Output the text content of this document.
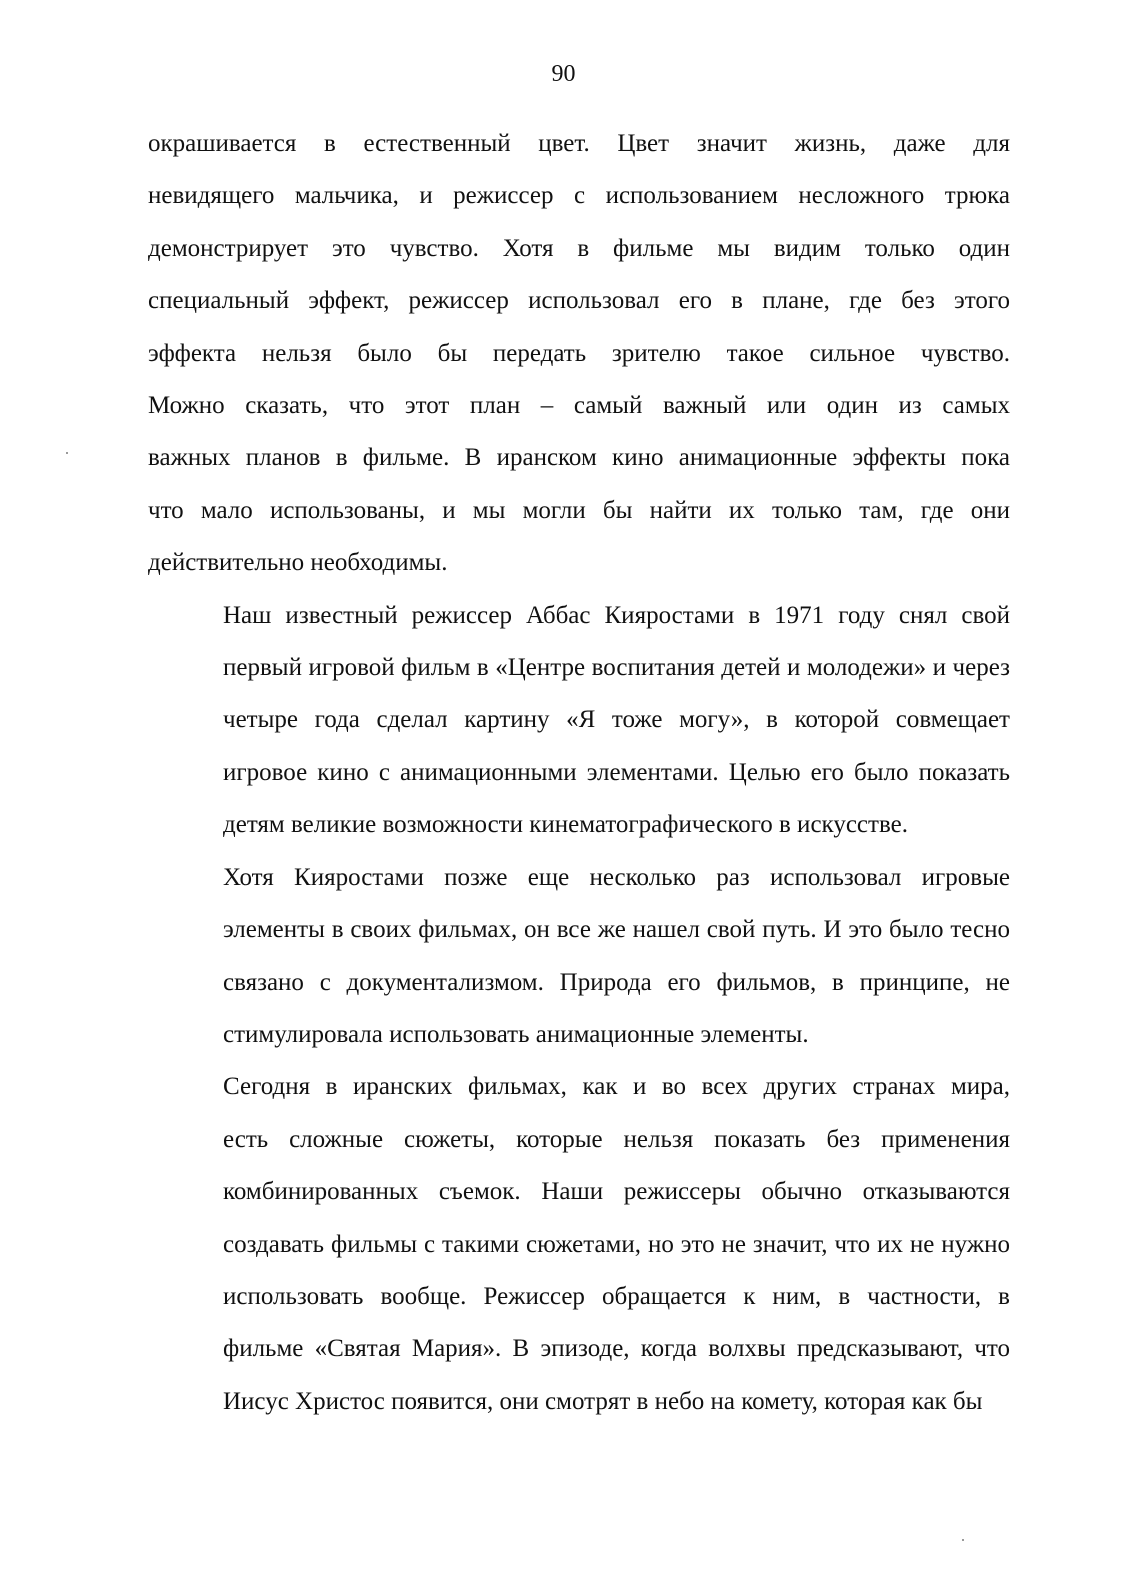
90
окрашивается в естественный цвет. Цвет значит жизнь, даже для
невидящего мальчика, и режиссер с использованием несложного трюка
демонстрирует это чувство. Хотя в фильме мы видим только один
специальный эффект, режиссер использовал его в плане, где без этого
эффекта нельзя было бы передать зрителю такое сильное чувство.
Можно сказать, что этот план – самый важный или один из самых
важных планов в фильме. В иранском кино анимационные эффекты пока
что мало использованы, и мы могли бы найти их только там, где они
действительно необходимы.
Наш известный режиссер Аббас Кияростами в 1971 году снял свой
первый игровой фильм в «Центре воспитания детей и молодежи» и через
четыре года сделал картину «Я тоже могу», в которой совмещает
игровое кино с анимационными элементами. Целью его было показать
детям великие возможности кинематографического в искусстве.
Хотя Кияростами позже еще несколько раз использовал игровые
элементы в своих фильмах, он все же нашел свой путь. И это было тесно
связано с документализмом. Природа его фильмов, в принципе, не
стимулировала использовать анимационные элементы.
Сегодня в иранских фильмах, как и во всех других странах мира,
есть сложные сюжеты, которые нельзя показать без применения
комбинированных съемок. Наши режиссеры обычно отказываются
создавать фильмы с такими сюжетами, но это не значит, что их не нужно
использовать вообще. Режиссер обращается к ним, в частности, в
фильме «Святая Мария». В эпизоде, когда волхвы предсказывают, что
Иисус Христос появится, они смотрят в небо на комету, которая как бы
